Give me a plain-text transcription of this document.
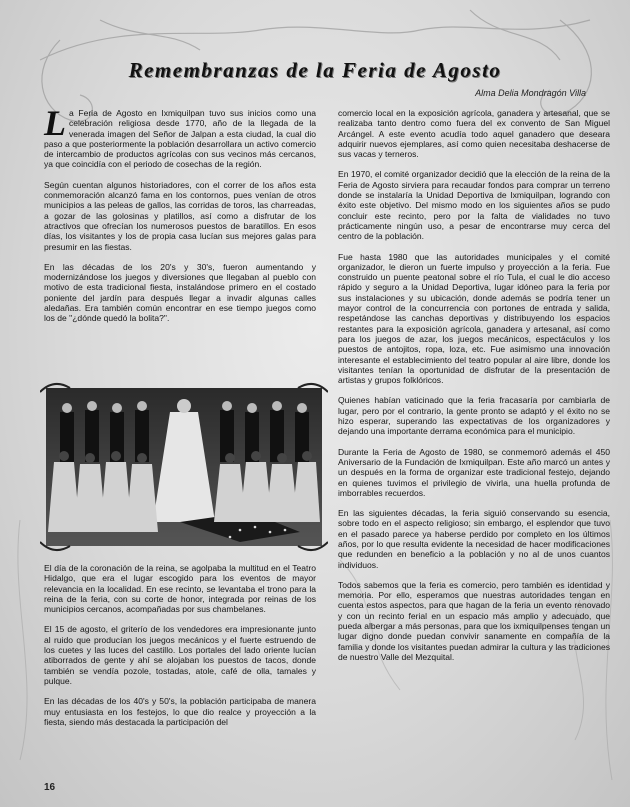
Remembranzas de la Feria de Agosto
Alma Delia Mondragón Villa

La Feria de Agosto en Ixmiquilpan tuvo sus inicios como una celebración religiosa desde 1770, año de la llegada de la venerada imagen del Señor de Jalpan a esta ciudad, la cual dio paso a que posteriormente la población desarrollara un activo comercio de intercambio de productos agrícolas con sus vecinos más cercanos, ya que coincidía con el periodo de cosechas de la región.

Según cuentan algunos historiadores, con el correr de los años esta conmemoración alcanzó fama en los contornos, pues venían de otros municipios a las peleas de gallos, las corridas de toros, las charreadas, a gozar de las golosinas y platillos, así como a disfrutar de los atractivos que ofrecían los numerosos puestos de baratillos. En esos días, los visitantes y los de propia casa lucían sus mejores galas para presumir en las fiestas.

En las décadas de los 20's y 30's, fueron aumentando y modernizándose los juegos y diversiones que llegaban al pueblo con motivo de esta tradicional fiesta, instalándose primero en el costado poniente del jardín para después llegar a invadir algunas calles aledañas. Era también común encontrar en ese tiempo juegos como los de "¿dónde quedó la bolita?".

El día de la coronación de la reina, se agolpaba la multitud en el Teatro Hidalgo, que era el lugar escogido para los eventos de mayor relevancia en la localidad. En ese recinto, se levantaba el trono para la reina de la feria, con su corte de honor, integrada por reinas de los municipios cercanos, acompañadas por sus chambelanes.

El 15 de agosto, el griterío de los vendedores era impresionante junto al ruido que producían los juegos mecánicos y el fuerte estruendo de los cuetes y las luces del castillo. Los portales del lado oriente lucían atiborrados de gente y ahí se alojaban los puestos de tacos, donde también se vendía pozole, tostadas, atole, café de olla, tamales y pulque.

En las décadas de los 40's y 50's, la población participaba de manera muy entusiasta en los festejos, lo que dio realce y proyección a la fiesta, siendo más destacada la participación del

comercio local en la exposición agrícola, ganadera y artesanal, que se realizaba tanto dentro como fuera del ex convento de San Miguel Arcángel. A este evento acudía todo aquel ganadero que deseara adquirir nuevos ejemplares, así como quien necesitaba deshacerse de sus vacas y terneros.

En 1970, el comité organizador decidió que la elección de la reina de la Feria de Agosto sirviera para recaudar fondos para comprar un terreno donde se instalaría la Unidad Deportiva de Ixmiquilpan, logrando con éxito este objetivo. Del mismo modo en los siguientes años se pudo concluir este recinto, pero por la falta de vialidades no tuvo prácticamente ningún uso, a pesar de encontrarse muy cerca del centro de la población.

Fue hasta 1980 que las autoridades municipales y el comité organizador, le dieron un fuerte impulso y proyección a la feria. Fue construido un puente peatonal sobre el río Tula, el cual le dio acceso rápido y seguro a la Unidad Deportiva, lugar idóneo para la feria por sus instalaciones y su ubicación, donde además se podría tener un mayor control de la concurrencia con portones de entrada y salida, respetándose las canchas deportivas y distribuyendo los espacios restantes para la exposición agrícola, ganadera y artesanal, así como para los juegos de azar, los juegos mecánicos, espectáculos y los puestos de antojitos, ropa, loza, etc. Fue asimismo una innovación interesante el establecimiento del teatro popular al aire libre, donde los visitantes tenían la oportunidad de disfrutar de la presentación de artistas y grupos folklóricos.

Quienes habían vaticinado que la feria fracasaría por cambiarla de lugar, pero por el contrario, la gente pronto se adaptó y el éxito no se hizo esperar, superando las expectativas de los organizadores y dejando una importante derrama económica para el municipio.

Durante la Feria de Agosto de 1980, se conmemoró además el 450 Aniversario de la Fundación de Ixmiquilpan. Este año marcó un antes y un después en la forma de organizar este tradicional festejo, dejando en quienes tuvimos el privilegio de vivirla, una huella profunda de imborrables recuerdos.

En las siguientes décadas, la feria siguió conservando su esencia, sobre todo en el aspecto religioso; sin embargo, el esplendor que tuvo en el pasado parece ya haberse perdido por completo en los últimos años, por lo que resulta evidente la necesidad de hacer modificaciones que redunden en beneficio a la población y no al de unos cuantos individuos.

Todos sabemos que la feria es comercio, pero también es identidad y memoria. Por ello, esperamos que nuestras autoridades tengan en cuenta estos aspectos, para que hagan de la feria un evento renovado y con un recinto ferial en un espacio más amplio y adecuado, que pueda albergar a más personas, para que los ixmiquilpenses tengan un lugar digno donde puedan convivir sanamente en compañía de la familia y donde los visitantes puedan admirar la cultura y las tradiciones de nuestro Valle del Mezquital.

16
